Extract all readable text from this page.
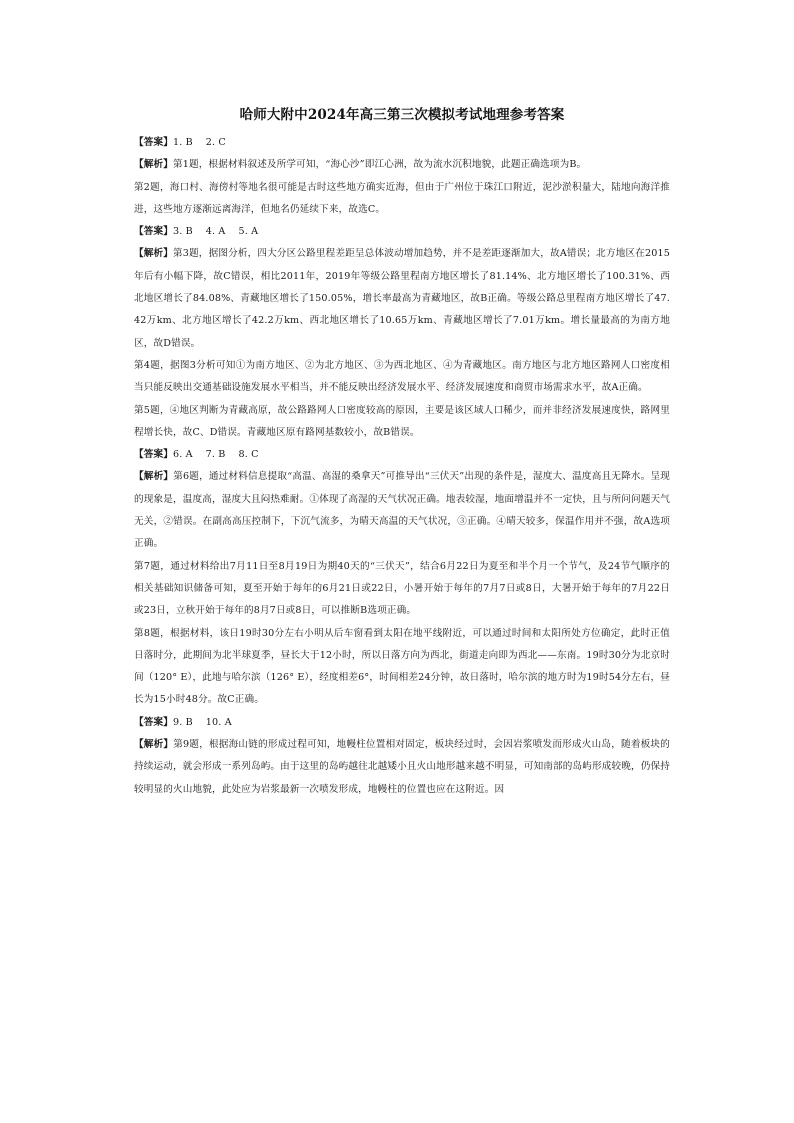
哈师大附中2024年高三第三次模拟考试地理参考答案

【答案】1. B　 2. C

【解析】第1题，根据材料叙述及所学可知，“海心沙”即江心洲，故为流水沉积地貌，此题正确选项为B。

第2题，海口村、海傍村等地名很可能是古时这些地方确实近海，但由于广州位于珠江口附近，泥沙淤积量大，陆地向海洋推进，这些地方逐渐远离海洋，但地名仍延续下来，故选C。

【答案】3. B　 4. A　 5. A

【解析】第3题，据图分析，四大分区公路里程差距呈总体波动增加趋势，并不是差距逐渐加大，故A错误；北方地区在2015年后有小幅下降，故C错误，相比2011年，2019年等级公路里程南方地区增长了81.14%、北方地区增长了100.31%、西北地区增长了84.08%、青藏地区增长了150.05%，增长率最高为青藏地区，故B正确。等级公路总里程南方地区增长了47.42万km、北方地区增长了42.2万km、西北地区增长了10.65万km、青藏地区增长了7.01万km。增长量最高的为南方地区，故D错误。

第4题，据图3分析可知①为南方地区、②为北方地区、③为西北地区、④为青藏地区。南方地区与北方地区路网人口密度相当只能反映出交通基础设施发展水平相当，并不能反映出经济发展水平、经济发展速度和商贸市场需求水平，故A正确。

第5题，④地区判断为青藏高原，故公路路网人口密度较高的原因，主要是该区域人口稀少，而并非经济发展速度快，路网里程增长快，故C、D错误。青藏地区原有路网基数较小，故B错误。

【答案】6. A　 7. B　 8. C

【解析】第6题，通过材料信息提取“高温、高湿的桑拿天”可推导出“三伏天”出现的条件是，湿度大、温度高且无降水。呈现的现象是，温度高，湿度大且闷热难耐。①体现了高湿的天气状况正确。地表较湿，地面增温并不一定快，且与所问问题天气无关，②错误。在副高高压控制下，下沉气流多，为晴天高温的天气状况，③正确。④晴天较多，保温作用并不强，故A选项正确。

第7题，通过材料给出7月11日至8月19日为期40天的“三伏天”，结合6月22日为夏至和半个月一个节气，及24节气顺序的相关基础知识储备可知，夏至开始于每年的6月21日或22日，小暑开始于每年的7月7日或8日，大暑开始于每年的7月22日或23日，立秋开始于每年的8月7日或8日，可以推断B选项正确。

第8题，根据材料，该日19时30分左右小明从后车窗看到太阳在地平线附近，可以通过时间和太阳所处方位确定，此时正值日落时分，此期间为北半球夏季，昼长大于12小时，所以日落方向为西北，街道走向即为西北——东南。19时30分为北京时间（120° E），此地与哈尔滨（126° E），经度相差6°，时间相差24分钟，故日落时，哈尔滨的地方时为19时54分左右，昼长为15小时48分。故C正确。

【答案】9. B　 10. A

【解析】第9题，根据海山链的形成过程可知，地幔柱位置相对固定，板块经过时，会因岩浆喷发而形成火山岛，随着板块的持续运动，就会形成一系列岛屿。由于这里的岛屿越往北越矮小且火山地形越来越不明显，可知南部的岛屿形成较晚，仍保持较明显的火山地貌，此处应为岩浆最新一次喷发形成，地幔柱的位置也应在这附近。因
